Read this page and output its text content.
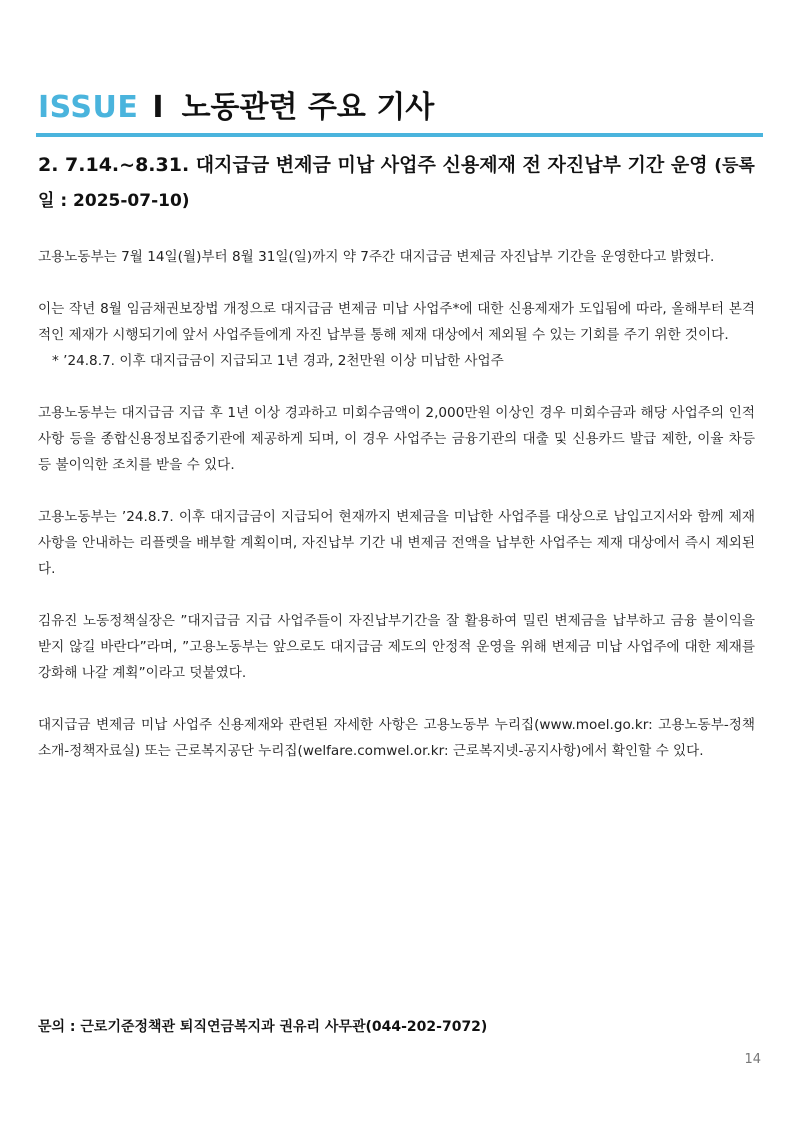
ISSUE I 노동관련 주요 기사
2. 7.14.~8.31. 대지급금 변제금 미납 사업주 신용제재 전 자진납부 기간 운영 (등록일 : 2025-07-10)

고용노동부는 7월 14일(월)부터 8월 31일(일)까지 약 7주간 대지급금 변제금 자진납부 기간을 운영한다고 밝혔다.

이는 작년 8월 임금채권보장법 개정으로 대지급금 변제금 미납 사업주*에 대한 신용제재가 도입됨에 따라, 올해부터 본격적인 제재가 시행되기에 앞서 사업주들에게 자진 납부를 통해 제재 대상에서 제외될 수 있는 기회를 주기 위한 것이다.

* ’24.8.7. 이후 대지급금이 지급되고 1년 경과, 2천만원 이상 미납한 사업주

고용노동부는 대지급금 지급 후 1년 이상 경과하고 미회수금액이 2,000만원 이상인 경우 미회수금과 해당 사업주의 인적사항 등을 종합신용정보집중기관에 제공하게 되며, 이 경우 사업주는 금융기관의 대출 및 신용카드 발급 제한, 이율 차등 등 불이익한 조치를 받을 수 있다.

고용노동부는 ’24.8.7. 이후 대지급금이 지급되어 현재까지 변제금을 미납한 사업주를 대상으로 납입고지서와 함께 제재 사항을 안내하는 리플렛을 배부할 계획이며, 자진납부 기간 내 변제금 전액을 납부한 사업주는 제재 대상에서 즉시 제외된다.

김유진 노동정책실장은 ”대지급금 지급 사업주들이 자진납부기간을 잘 활용하여 밀린 변제금을 납부하고 금융 불이익을 받지 않길 바란다”라며, ”고용노동부는 앞으로도 대지급금 제도의 안정적 운영을 위해 변제금 미납 사업주에 대한 제재를 강화해 나갈 계획”이라고 덧붙였다.

대지급금 변제금 미납 사업주 신용제재와 관련된 자세한 사항은 고용노동부 누리집(www.moel.go.kr: 고용노동부-정책소개-정책자료실) 또는 근로복지공단 누리집(welfare.comwel.or.kr: 근로복지넷-공지사항)에서 확인할 수 있다.

문의 : 근로기준정책관 퇴직연금복지과 권유리 사무관(044-202-7072)
14
